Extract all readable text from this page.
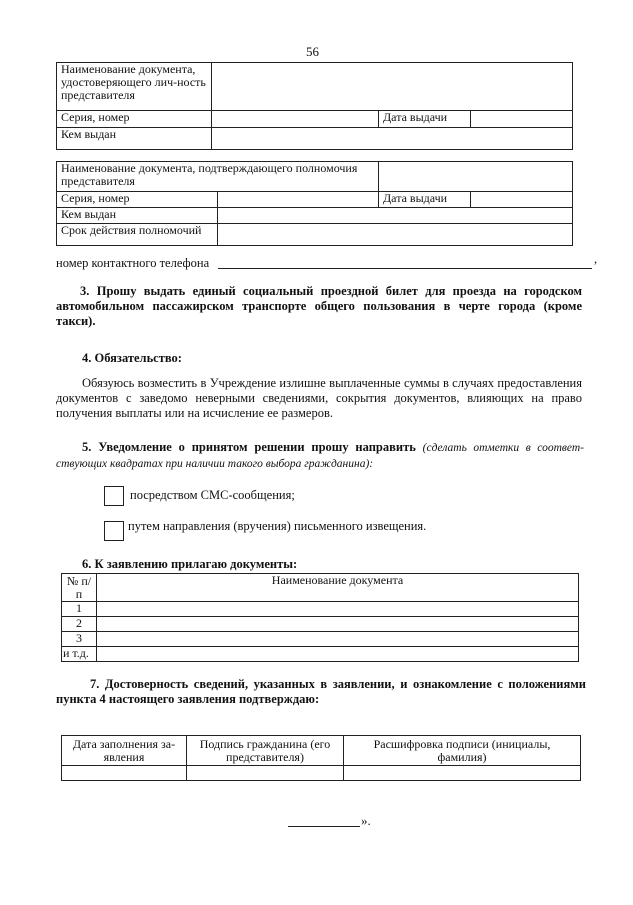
56
Наименование документа, удостоверяющего лич-ность представителя			
Серия, номер		Дата выдачи	
Кем выдан			
Наименование документа, подтверждающего полномочия представителя			
Серия, номер		Дата выдачи	
Кем выдан			
Срок действия полномочий			
номер контактного телефона	,
3. Прошу выдать единый социальный проездной билет для проезда на городском автомобильном пассажирском транспорте общего пользования в черте города (кроме такси).
4. Обязательство:
Обязуюсь возместить в Учреждение излишне выплаченные суммы в случаях предоставления документов с заведомо неверными сведениями, сокрытия документов, влияющих на право получения выплаты или на исчисление ее размеров.
5. Уведомление о принятом решении прошу направить (сделать отметки в соответ-ствующих квадратах при наличии такого выбора гражданина):
посредством СМС-сообщения;
путем направления (вручения) письменного извещения.
6. К заявлению прилагаю документы:
№ п/п	Наименование документа
1	
2	
3	
и т.д.	
7. Достоверность сведений, указанных в заявлении, и ознакомление с положениями пункта 4 настоящего заявления подтверждаю:
Дата заполнения за-явления	Подпись гражданина (его представителя)	Расшифровка подписи (инициалы, фамилия)

».
